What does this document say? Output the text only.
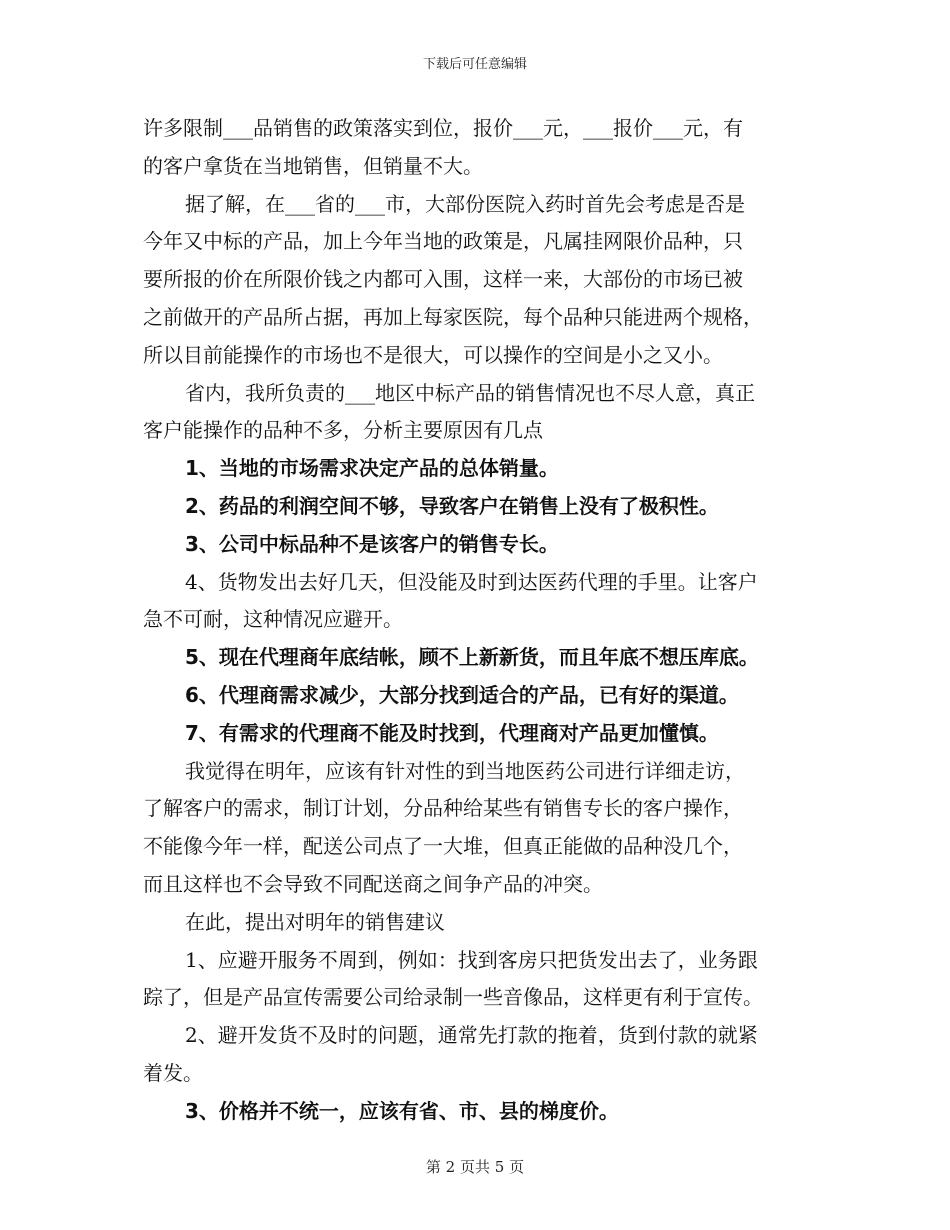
下载后可任意编辑
许多限制___品销售的政策落实到位，报价___元，___报价___元，有
的客户拿货在当地销售，但销量不大。
据了解，在___省的___市，大部份医院入药时首先会考虑是否是
今年又中标的产品，加上今年当地的政策是，凡属挂网限价品种，只
要所报的价在所限价钱之内都可入围，这样一来，大部份的市场已被
之前做开的产品所占据，再加上每家医院，每个品种只能进两个规格，
所以目前能操作的市场也不是很大，可以操作的空间是小之又小。
省内，我所负责的___地区中标产品的销售情况也不尽人意，真正
客户能操作的品种不多，分析主要原因有几点
1、当地的市场需求决定产品的总体销量。
2、药品的利润空间不够，导致客户在销售上没有了极积性。
3、公司中标品种不是该客户的销售专长。
4、货物发出去好几天，但没能及时到达医药代理的手里。让客户
急不可耐，这种情况应避开。
5、现在代理商年底结帐，顾不上新新货，而且年底不想压库底。
6、代理商需求减少，大部分找到适合的产品，已有好的渠道。
7、有需求的代理商不能及时找到，代理商对产品更加懂慎。
我觉得在明年，应该有针对性的到当地医药公司进行详细走访，
了解客户的需求，制订计划，分品种给某些有销售专长的客户操作，
不能像今年一样，配送公司点了一大堆，但真正能做的品种没几个，
而且这样也不会导致不同配送商之间争产品的冲突。
在此，提出对明年的销售建议
1、应避开服务不周到，例如：找到客房只把货发出去了，业务跟
踪了，但是产品宣传需要公司给录制一些音像品，这样更有利于宣传。
2、避开发货不及时的问题，通常先打款的拖着，货到付款的就紧
着发。
3、价格并不统一，应该有省、市、县的梯度价。
第 2 页共 5 页
